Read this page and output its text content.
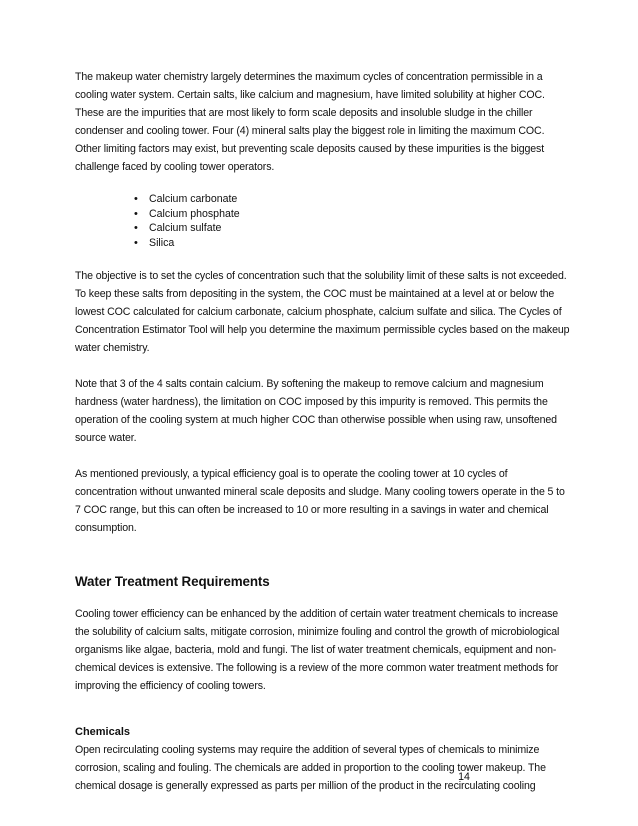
The makeup water chemistry largely determines the maximum cycles of concentration permissible in a cooling water system. Certain salts, like calcium and magnesium, have limited solubility at higher COC. These are the impurities that are most likely to form scale deposits and insoluble sludge in the chiller condenser and cooling tower. Four (4) mineral salts play the biggest role in limiting the maximum COC. Other limiting factors may exist, but preventing scale deposits caused by these impurities is the biggest challenge faced by cooling tower operators.

• Calcium carbonate
• Calcium phosphate
• Calcium sulfate
• Silica

The objective is to set the cycles of concentration such that the solubility limit of these salts is not exceeded. To keep these salts from depositing in the system, the COC must be maintained at a level at or below the lowest COC calculated for calcium carbonate, calcium phosphate, calcium sulfate and silica. The Cycles of Concentration Estimator Tool will help you determine the maximum permissible cycles based on the makeup water chemistry.

Note that 3 of the 4 salts contain calcium. By softening the makeup to remove calcium and magnesium hardness (water hardness), the limitation on COC imposed by this impurity is removed. This permits the operation of the cooling system at much higher COC than otherwise possible when using raw, unsoftened source water.

As mentioned previously, a typical efficiency goal is to operate the cooling tower at 10 cycles of concentration without unwanted mineral scale deposits and sludge. Many cooling towers operate in the 5 to 7 COC range, but this can often be increased to 10 or more resulting in a savings in water and chemical consumption.

Water Treatment Requirements

Cooling tower efficiency can be enhanced by the addition of certain water treatment chemicals to increase the solubility of calcium salts, mitigate corrosion, minimize fouling and control the growth of microbiological organisms like algae, bacteria, mold and fungi. The list of water treatment chemicals, equipment and non-chemical devices is extensive. The following is a review of the more common water treatment methods for improving the efficiency of cooling towers.

Chemicals

Open recirculating cooling systems may require the addition of several types of chemicals to minimize corrosion, scaling and fouling. The chemicals are added in proportion to the cooling tower makeup. The chemical dosage is generally expressed as parts per million of the product in the recirculating cooling

14
